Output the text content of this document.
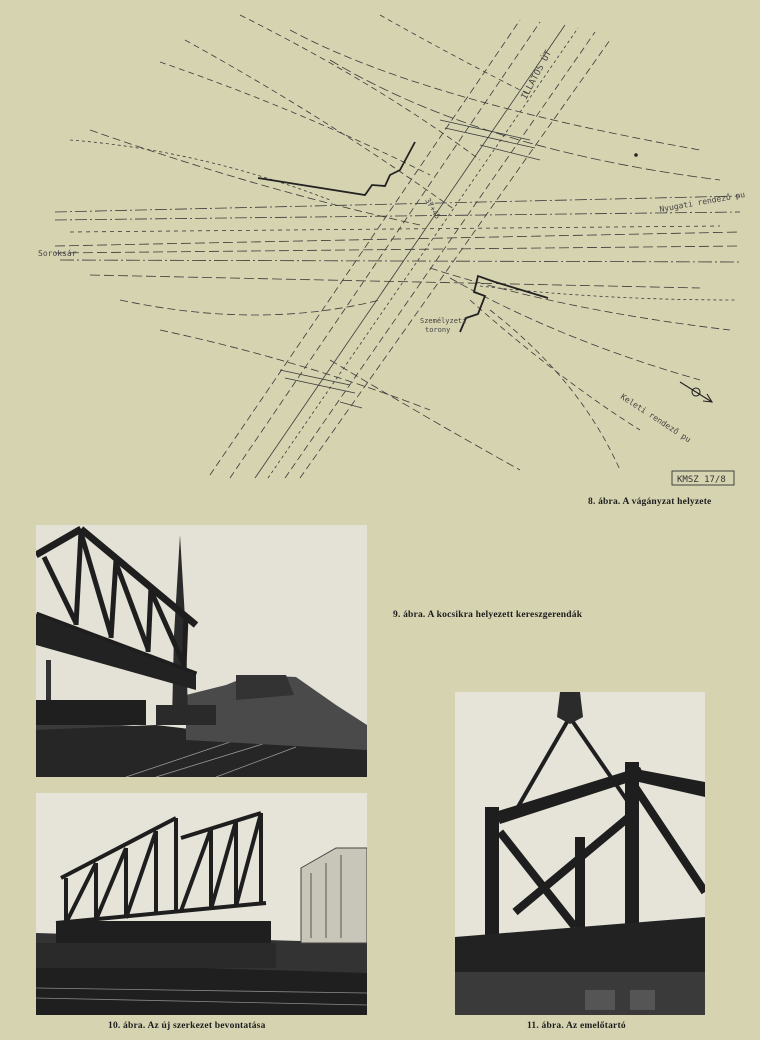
ILLATOS ÚT
37+45
Soroksár
Nyugati rendező pu
Keleti rendező pu
Személyzeti
torony
KMSZ 17/8
8. ábra. A vágányzat helyzete
9. ábra. A kocsikra helyezett kereszgerendák
10. ábra. Az új szerkezet bevontatása	11. ábra. Az emelőtartó
